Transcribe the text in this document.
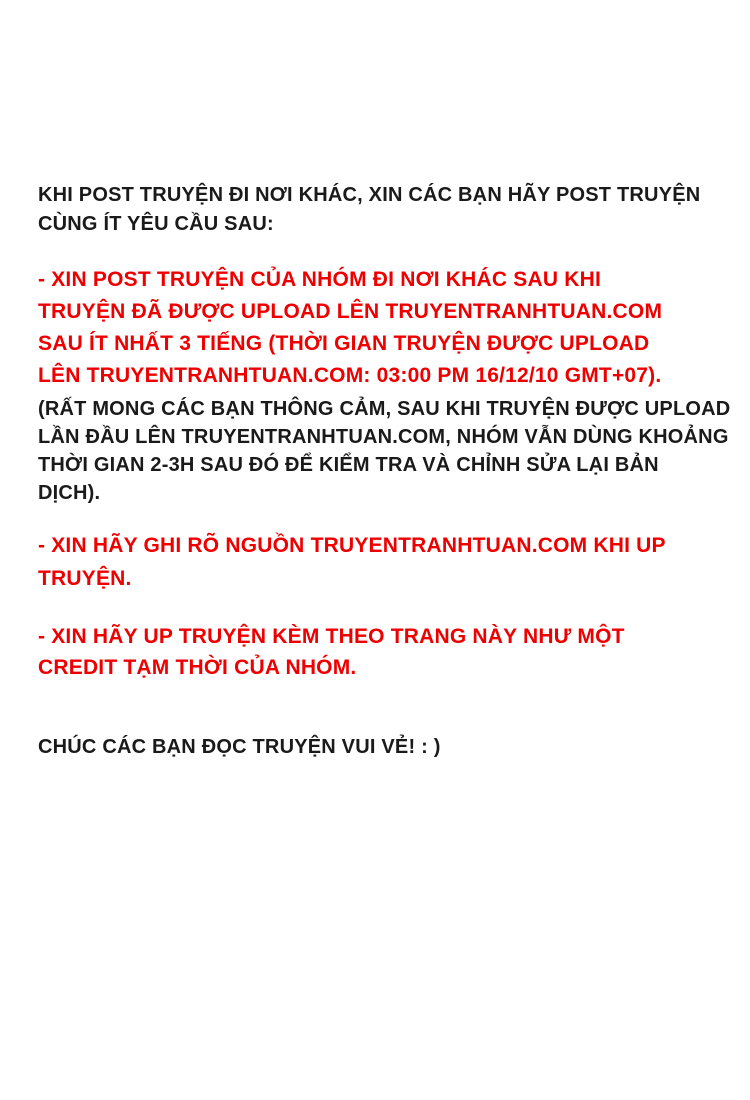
KHI POST TRUYỆN ĐI NƠI KHÁC, XIN CÁC BẠN HÃY POST TRUYỆN
CÙNG ÍT YÊU CẦU SAU:

- XIN POST TRUYỆN CỦA NHÓM ĐI NƠI KHÁC SAU KHI
TRUYỆN ĐÃ ĐƯỢC UPLOAD LÊN TRUYENTRANHTUAN.COM
SAU ÍT NHẤT 3 TIẾNG (THỜI GIAN TRUYỆN ĐƯỢC UPLOAD
LÊN TRUYENTRANHTUAN.COM: 03:00 PM 16/12/10 GMT+07).

(RẤT MONG CÁC BẠN THÔNG CẢM, SAU KHI TRUYỆN ĐƯỢC UPLOAD
LẦN ĐẦU LÊN TRUYENTRANHTUAN.COM, NHÓM VẪN DÙNG KHOẢNG
THỜI GIAN 2-3H SAU ĐÓ ĐỂ KIỂM TRA VÀ CHỈNH SỬA LẠI BẢN
DỊCH).

- XIN HÃY GHI RÕ NGUỒN TRUYENTRANHTUAN.COM KHI UP
TRUYỆN.

- XIN HÃY UP TRUYỆN KÈM THEO TRANG NÀY NHƯ MỘT
CREDIT TẠM THỜI CỦA NHÓM.

CHÚC CÁC BẠN ĐỌC TRUYỆN VUI VẺ! : )
